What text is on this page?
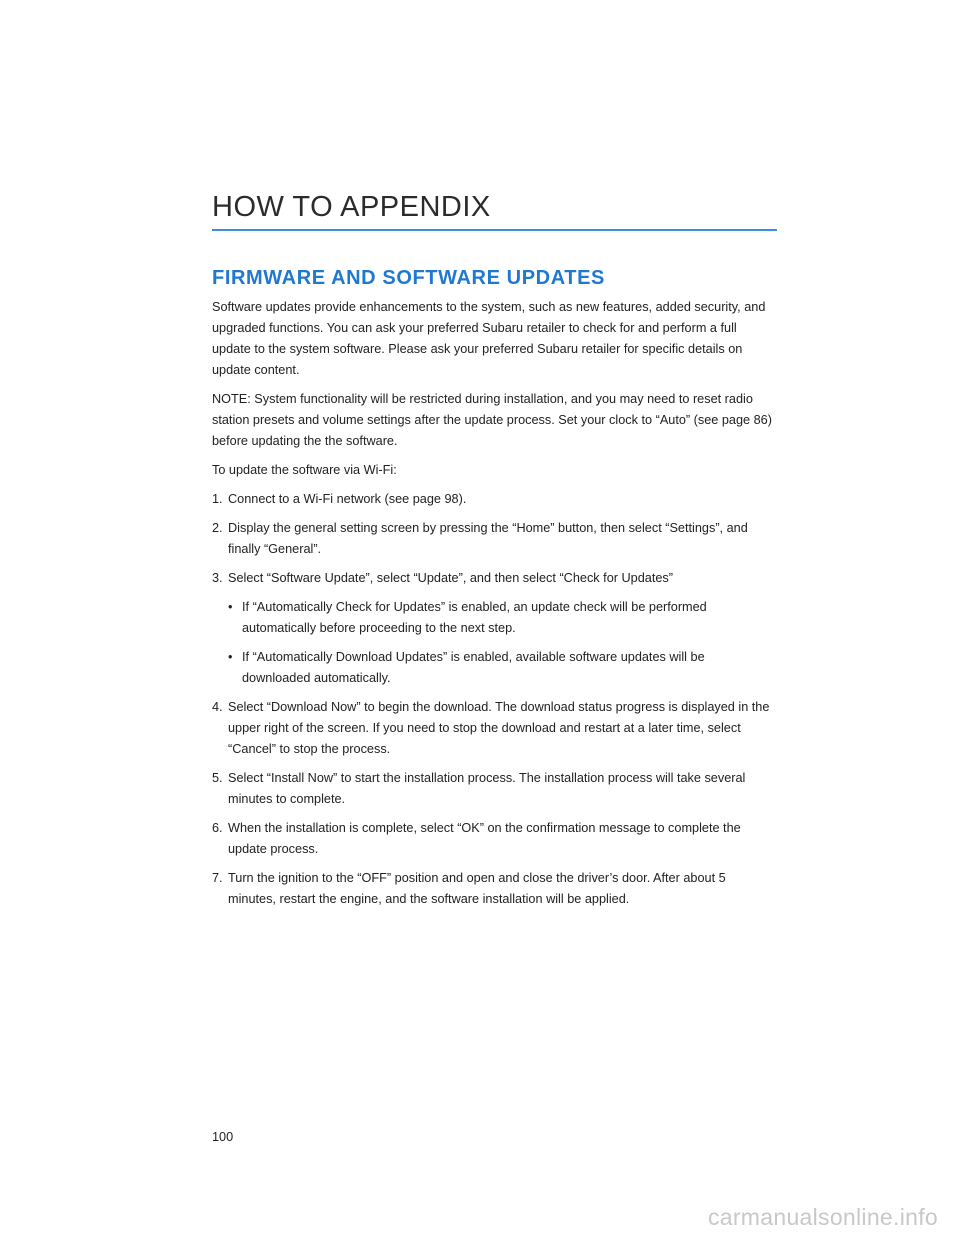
HOW TO APPENDIX
FIRMWARE AND SOFTWARE UPDATES

Software updates provide enhancements to the system, such as new features, added security, and upgraded functions. You can ask your preferred Subaru retailer to check for and perform a full update to the system software. Please ask your preferred Subaru retailer for specific details on update content.

NOTE: System functionality will be restricted during installation, and you may need to reset radio station presets and volume settings after the update process. Set your clock to “Auto” (see page 86) before updating the the software.

To update the software via Wi-Fi:

1. Connect to a Wi-Fi network (see page 98).
2. Display the general setting screen by pressing the “Home” button, then select “Settings”, and finally “General”.
3. Select “Software Update”, select “Update”, and then select “Check for Updates”
• If “Automatically Check for Updates” is enabled, an update check will be performed automatically before proceeding to the next step.
• If “Automatically Download Updates” is enabled, available software updates will be downloaded automatically.
4. Select “Download Now” to begin the download. The download status progress is displayed in the upper right of the screen. If you need to stop the download and restart at a later time, select “Cancel” to stop the process.
5. Select “Install Now” to start the installation process. The installation process will take several minutes to complete.
6. When the installation is complete, select “OK” on the confirmation message to complete the update process.
7. Turn the ignition to the “OFF” position and open and close the driver’s door. After about 5 minutes, restart the engine, and the software installation will be applied.
100
carmanualsonline.info
